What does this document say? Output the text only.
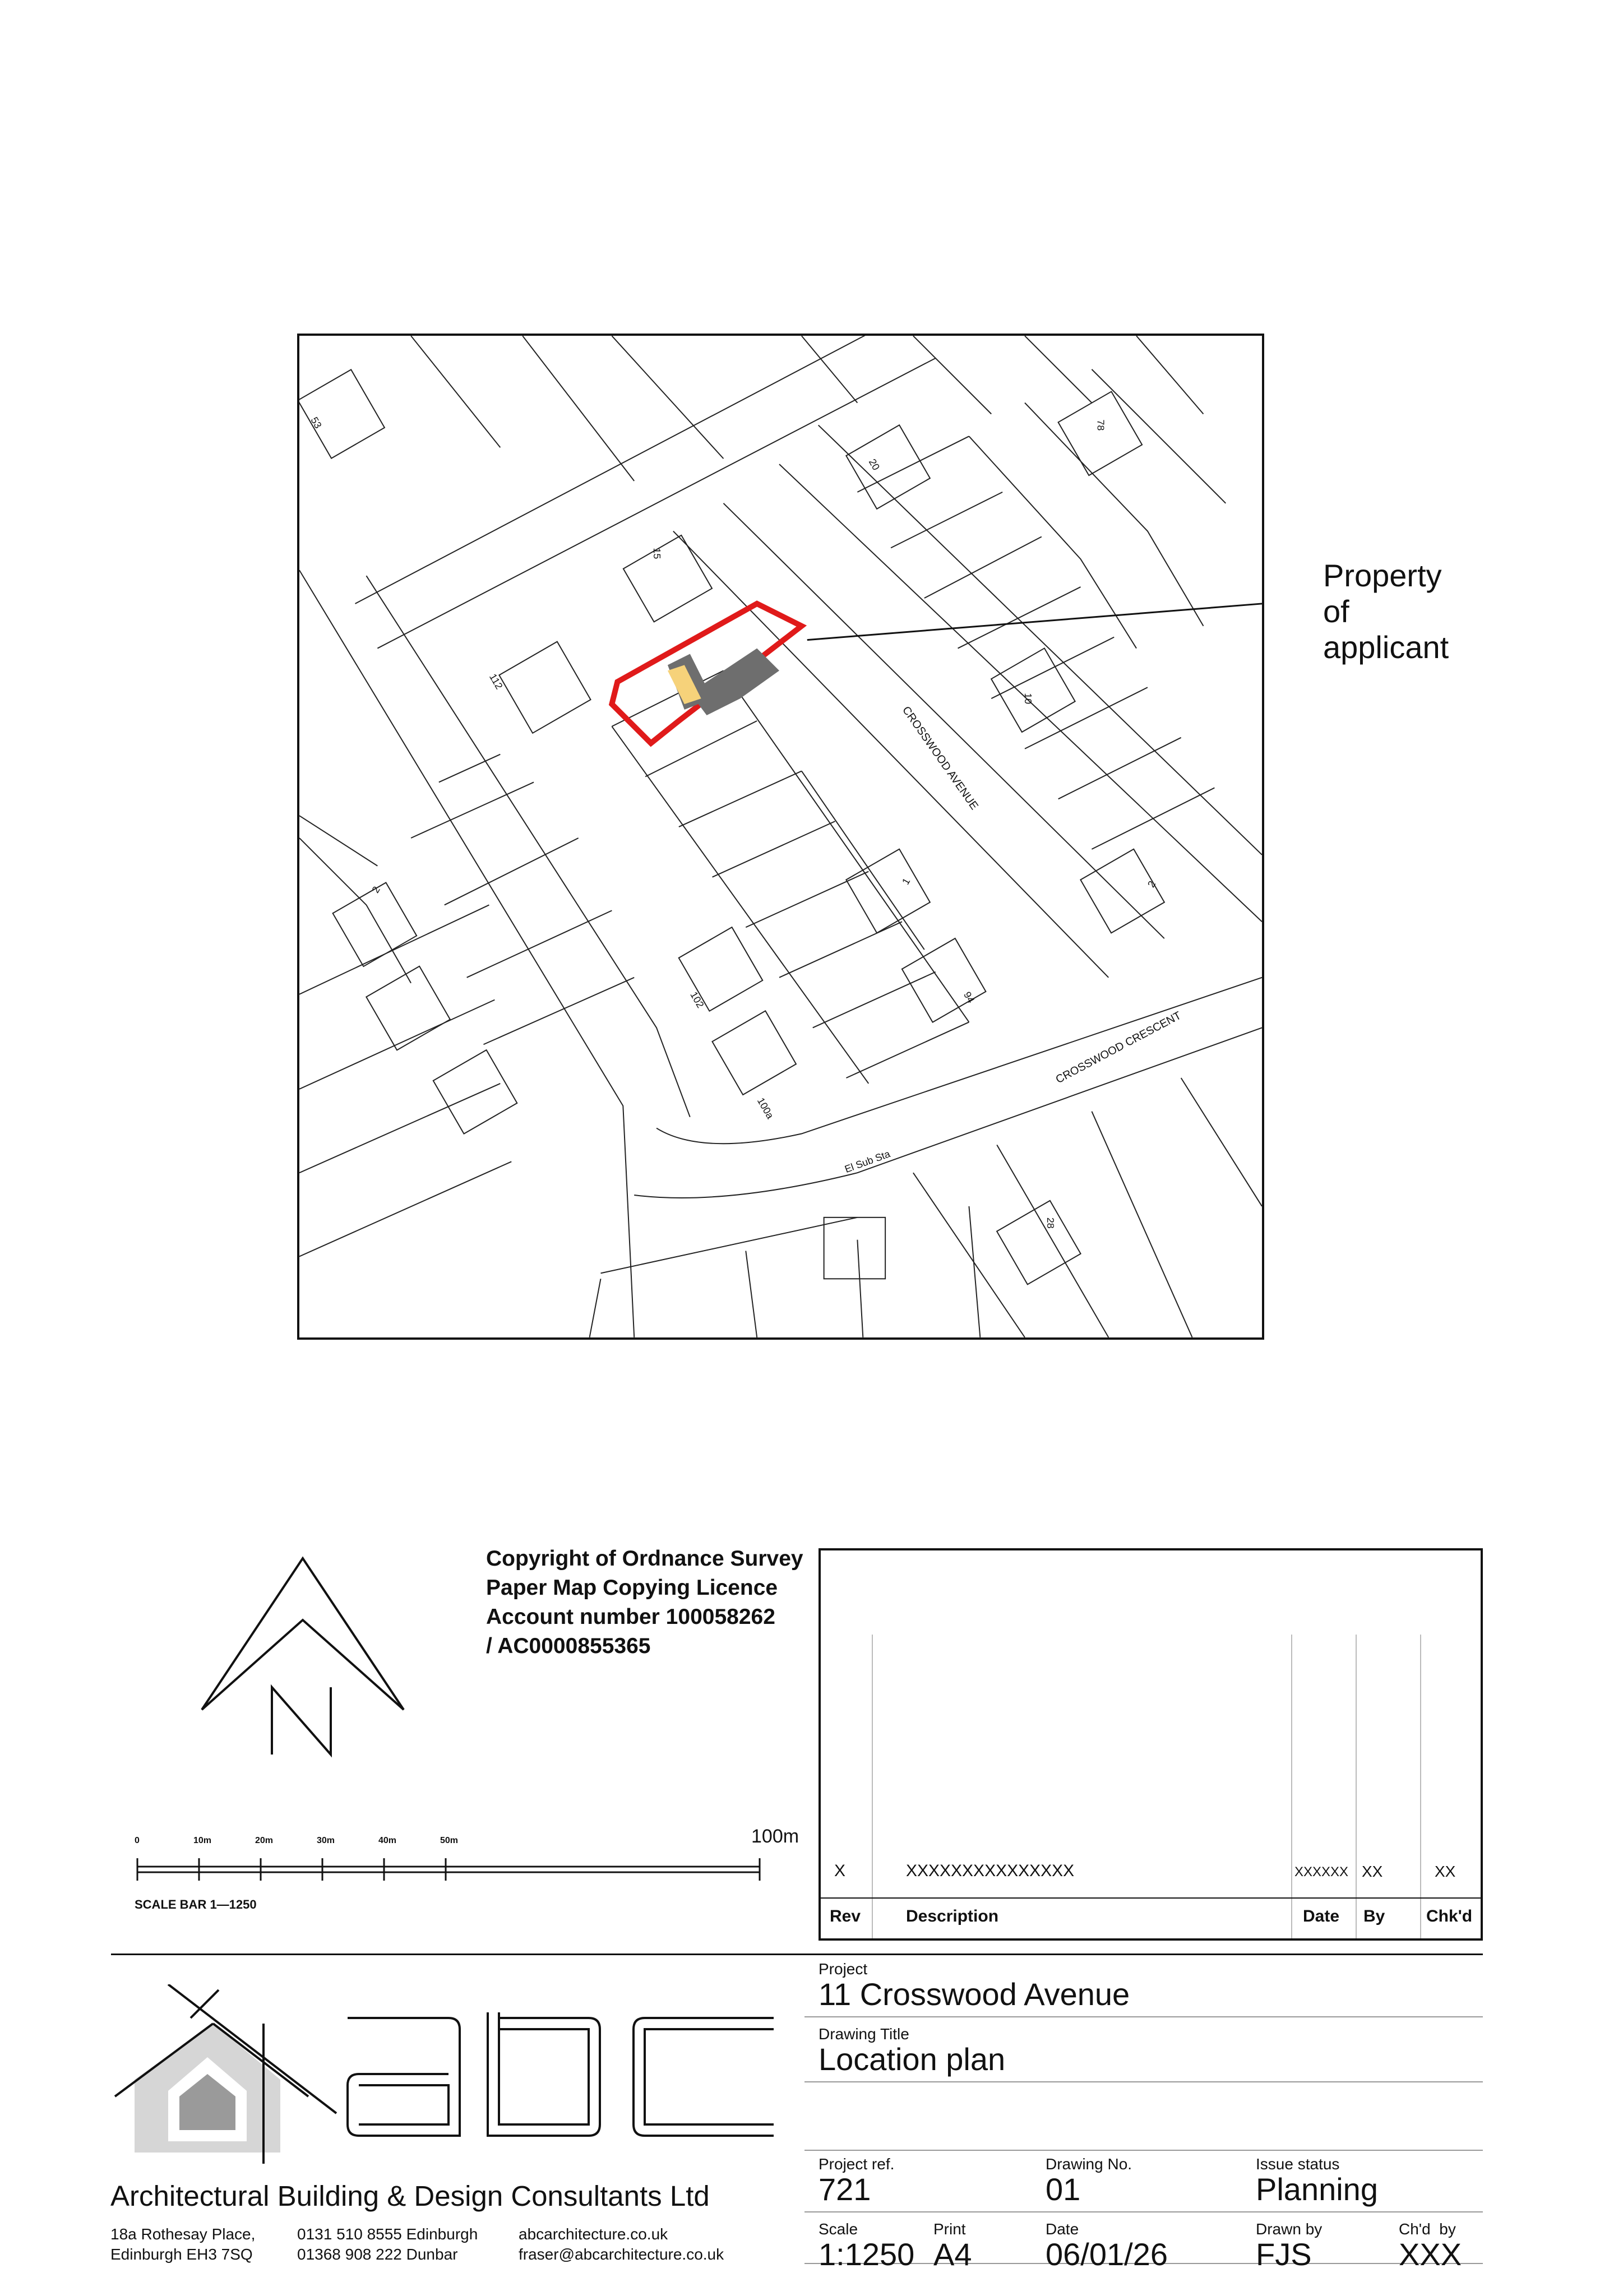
53
15
20
78
112
10
2
2
1
94
102
100a
28
CROSSWOOD AVENUE
CROSSWOOD CRESCENT
El Sub Sta
Property
of
applicant
Copyright of Ordnance Survey
Paper Map Copying Licence
Account number 100058262
/ AC0000855365
0	10m	20m	30m	40m	50m	100m
SCALE BAR 1—1250
X	XXXXXXXXXXXXXXX	XXXXXX XX	XX
Rev	Description	Date By Chk'd
Architectural Building & Design Consultants Ltd
18a Rothesay Place,
Edinburgh EH3 7SQ
0131 510 8555 Edinburgh
01368 908 222 Dunbar
abcarchitecture.co.uk
fraser@abcarchitecture.co.uk
Project
11 Crosswood Avenue
Drawing Title
Location plan
Project ref.
721
Drawing No.
01
Issue status
Planning
Scale
1:1250
Print
A4
Date
06/01/26
Drawn by
FJS
Ch'd  by
XXX
